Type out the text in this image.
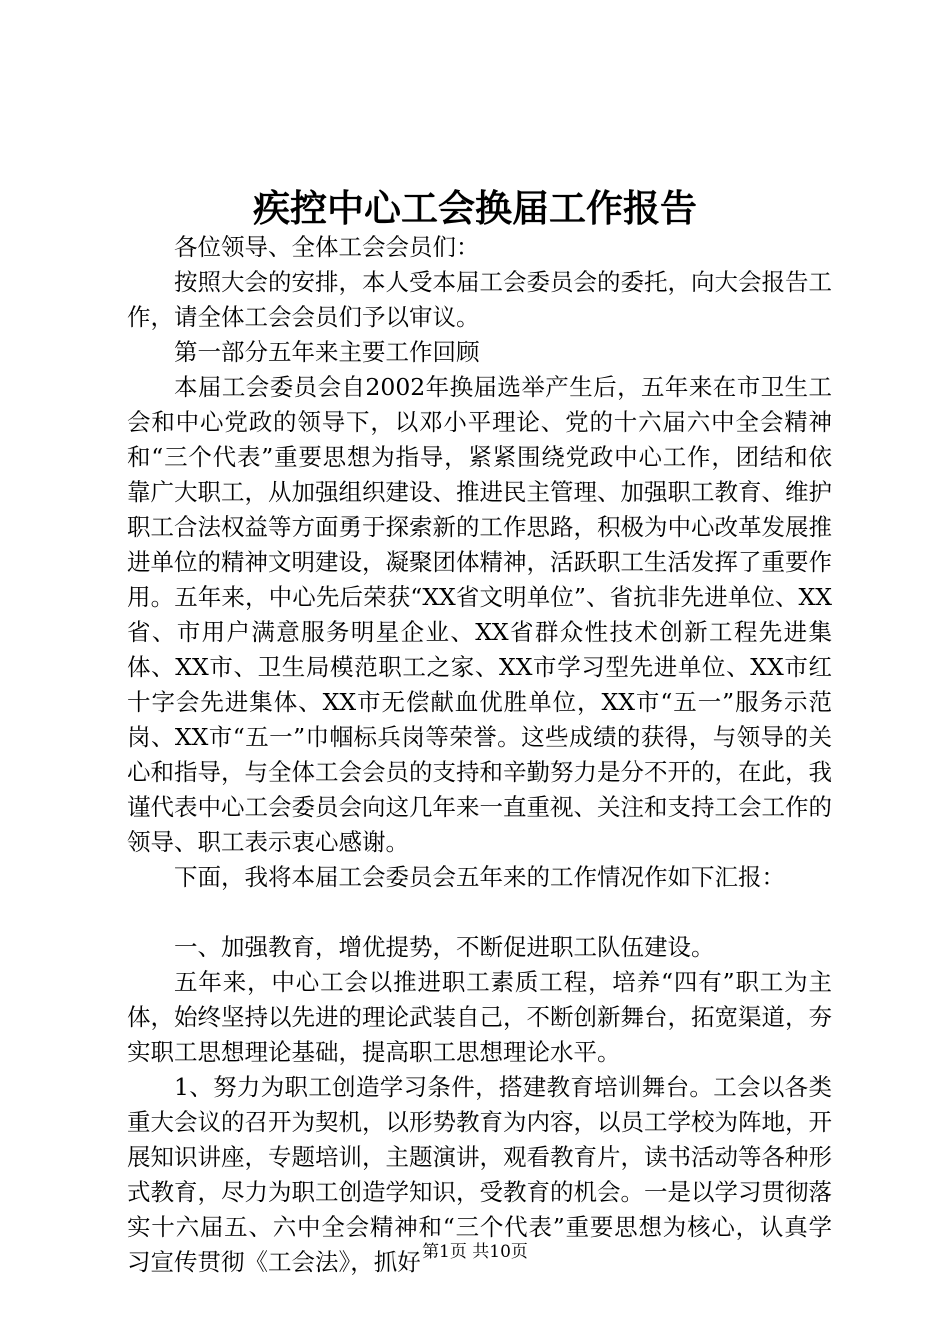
疾控中心工会换届工作报告

各位领导、全体工会会员们：

按照大会的安排，本人受本届工会委员会的委托，向大会报告工作，请全体工会会员们予以审议。

第一部分五年来主要工作回顾

本届工会委员会自2002年换届选举产生后，五年来在市卫生工会和中心党政的领导下，以邓小平理论、党的十六届六中全会精神和“三个代表”重要思想为指导，紧紧围绕党政中心工作，团结和依靠广大职工，从加强组织建设、推进民主管理、加强职工教育、维护职工合法权益等方面勇于探索新的工作思路，积极为中心改革发展推进单位的精神文明建设，凝聚团体精神，活跃职工生活发挥了重要作用。五年来，中心先后荣获“XX省文明单位”、省抗非先进单位、XX省、市用户满意服务明星企业、XX省群众性技术创新工程先进集体、XX市、卫生局模范职工之家、XX市学习型先进单位、XX市红十字会先进集体、XX市无偿献血优胜单位，XX市“五一”服务示范岗、XX市“五一”巾帼标兵岗等荣誉。这些成绩的获得，与领导的关心和指导，与全体工会会员的支持和辛勤努力是分不开的，在此，我谨代表中心工会委员会向这几年来一直重视、关注和支持工会工作的领导、职工表示衷心感谢。

下面，我将本届工会委员会五年来的工作情况作如下汇报：

一、加强教育，增优提势，不断促进职工队伍建设。

五年来，中心工会以推进职工素质工程，培养“四有”职工为主体，始终坚持以先进的理论武装自己，不断创新舞台，拓宽渠道，夯实职工思想理论基础，提高职工思想理论水平。

1、努力为职工创造学习条件，搭建教育培训舞台。工会以各类重大会议的召开为契机，以形势教育为内容，以员工学校为阵地，开展知识讲座，专题培训，主题演讲，观看教育片，读书活动等各种形式教育，尽力为职工创造学知识，受教育的机会。一是以学习贯彻落实十六届五、六中全会精神和“三个代表”重要思想为核心，认真学习宣传贯彻《工会法》，抓好 第1页 共10页
